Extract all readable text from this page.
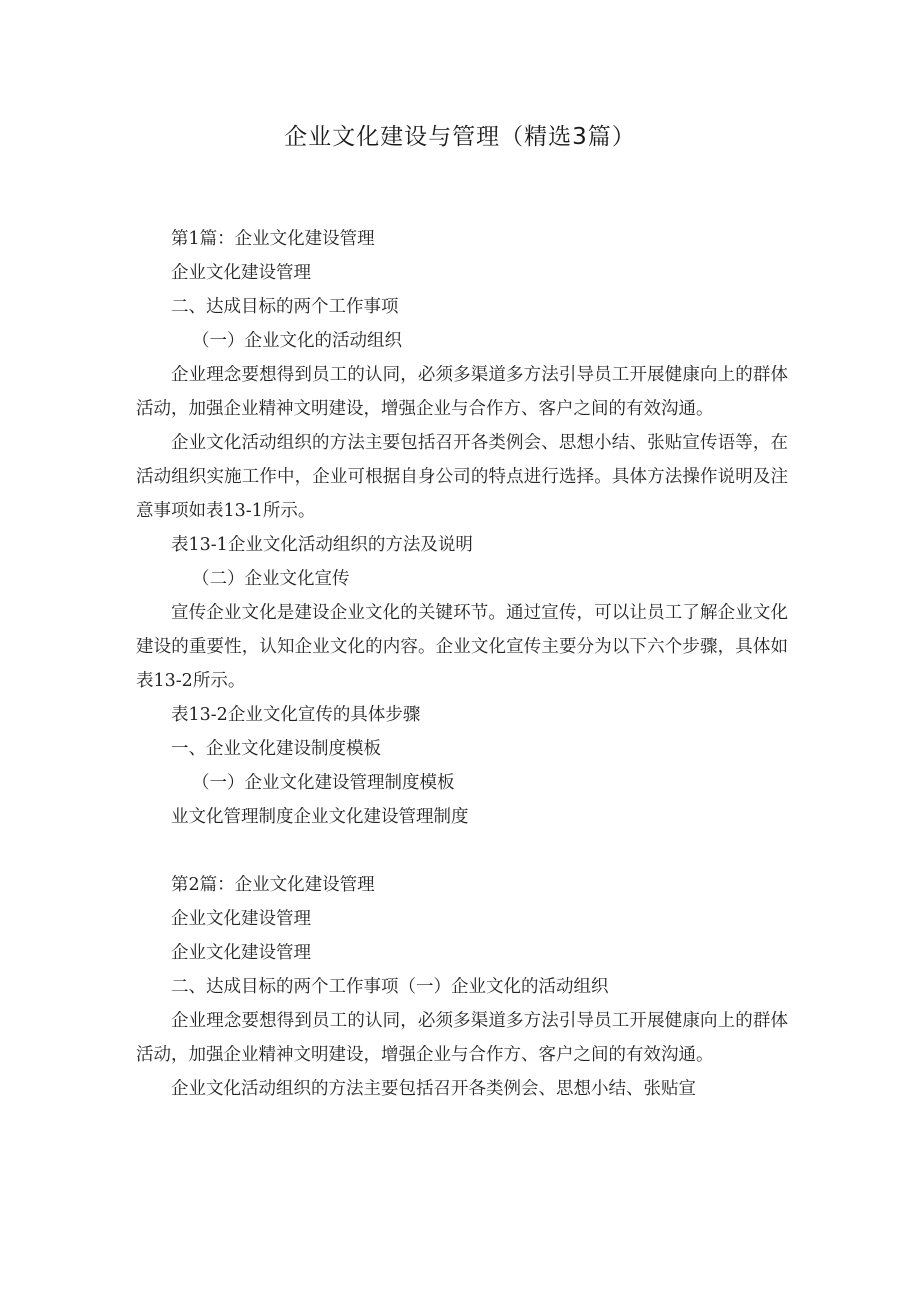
企业文化建设与管理（精选3篇）

第1篇：企业文化建设管理

企业文化建设管理

二、达成目标的两个工作事项

（一）企业文化的活动组织

企业理念要想得到员工的认同，必须多渠道多方法引导员工开展健康向上的群体活动，加强企业精神文明建设，增强企业与合作方、客户之间的有效沟通。

企业文化活动组织的方法主要包括召开各类例会、思想小结、张贴宣传语等，在活动组织实施工作中，企业可根据自身公司的特点进行选择。具体方法操作说明及注意事项如表13-1所示。

表13-1企业文化活动组织的方法及说明

（二）企业文化宣传

宣传企业文化是建设企业文化的关键环节。通过宣传，可以让员工了解企业文化建设的重要性，认知企业文化的内容。企业文化宣传主要分为以下六个步骤，具体如表13-2所示。

表13-2企业文化宣传的具体步骤

一、企业文化建设制度模板

（一）企业文化建设管理制度模板

业文化管理制度企业文化建设管理制度

第2篇：企业文化建设管理

企业文化建设管理

企业文化建设管理

二、达成目标的两个工作事项（一）企业文化的活动组织

企业理念要想得到员工的认同，必须多渠道多方法引导员工开展健康向上的群体活动，加强企业精神文明建设，增强企业与合作方、客户之间的有效沟通。

企业文化活动组织的方法主要包括召开各类例会、思想小结、张贴宣
